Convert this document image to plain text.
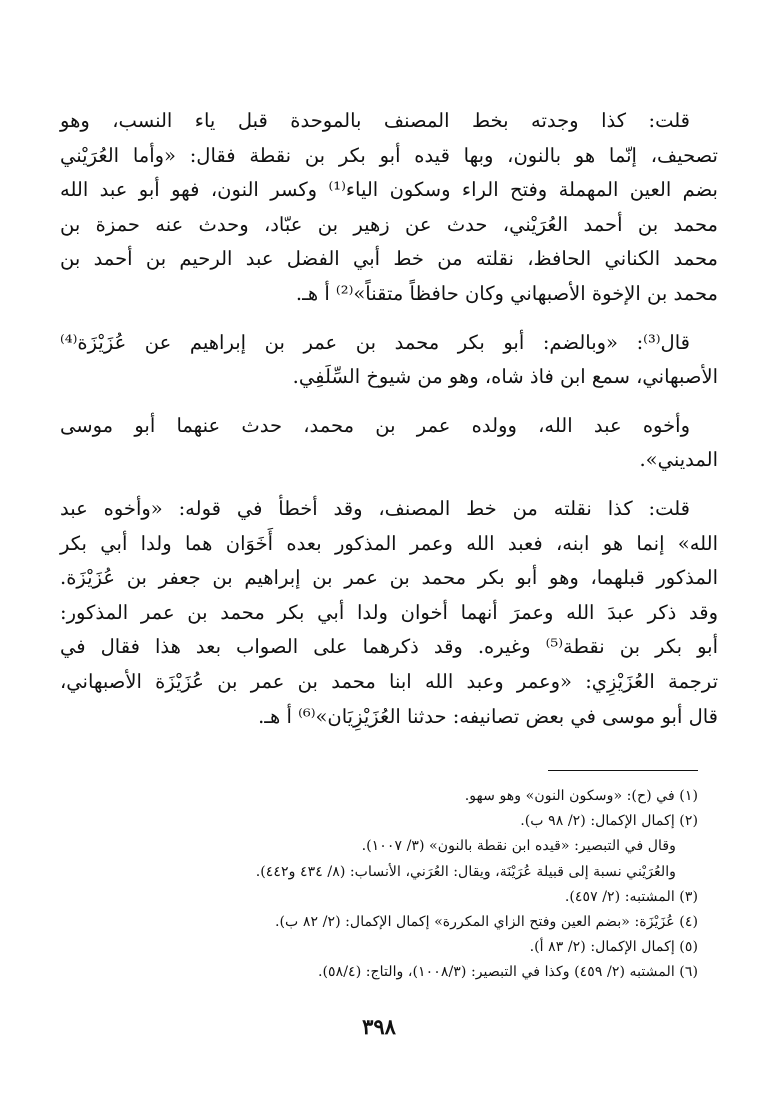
قلت: كذا وجدته بخط المصنف بالموحدة قبل ياء النسب، وهو
تصحيف، إنّما هو بالنون، وبها قيده أبو بكر بن نقطة فقال: «وأما العُرَيْني
بضم العين المهملة وفتح الراء وسكون الياء⁽¹⁾ وكسر النون، فهو أبو عبد الله
محمد بن أحمد العُرَيْني، حدث عن زهير بن عبّاد، وحدث عنه حمزة بن
محمد الكناني الحافظ، نقلته من خط أبي الفضل عبد الرحيم بن أحمد بن
محمد بن الإخوة الأصبهاني وكان حافظاً متقناً»⁽²⁾ أ هـ.

قال⁽³⁾: «وبالضم: أبو بكر محمد بن عمر بن إبراهيم عن عُزَيْزَة⁽⁴⁾
الأصبهاني، سمع ابن فاذ شاه، وهو من شيوخ السِّلَفِي.

وأخوه عبد الله، وولده عمر بن محمد، حدث عنهما أبو موسى
المديني».

قلت: كذا نقلته من خط المصنف، وقد أخطأ في قوله: «وأخوه عبد
الله» إنما هو ابنه، فعبد الله وعمر المذكور بعده أَخَوَان هما ولدا أبي بكر
المذكور قبلهما، وهو أبو بكر محمد بن عمر بن إبراهيم بن جعفر بن عُزَيْزَة.
وقد ذكر عبدَ الله وعمرَ أنهما أخوان ولدا أبي بكر محمد بن عمر المذكور:
أبو بكر بن نقطة⁽⁵⁾ وغيره. وقد ذكرهما على الصواب بعد هذا فقال في
ترجمة العُزَيْزِي: «وعمر وعبد الله ابنا محمد بن عمر بن عُزَيْزَة الأصبهاني،
قال أبو موسى في بعض تصانيفه: حدثنا العُزَيْزِيَان»⁽⁶⁾ أ هـ.

(١) في (ح): «وسكون النون» وهو سهو.
(٢) إكمال الإكمال: (٢/ ٩٨ ب).
وقال في التبصير: «قيده ابن نقطة بالنون» (٣/ ١٠٠٧).
والعُرَيْني نسبة إلى قبيلة عُرَيْنَة، ويقال: العُرَني، الأنساب: (٨/ ٤٣٤ و٤٤٢).
(٣) المشتبه: (٢/ ٤٥٧).
(٤) عُزَيْزَة: «بضم العين وفتح الزاي المكررة» إكمال الإكمال: (٢/ ٨٢ ب).
(٥) إكمال الإكمال: (٢/ ٨٣ أ).
(٦) المشتبه (٢/ ٤٥٩) وكذا في التبصير: (١٠٠٨/٣)، والتاج: (٥٨/٤).
٣٩٨
